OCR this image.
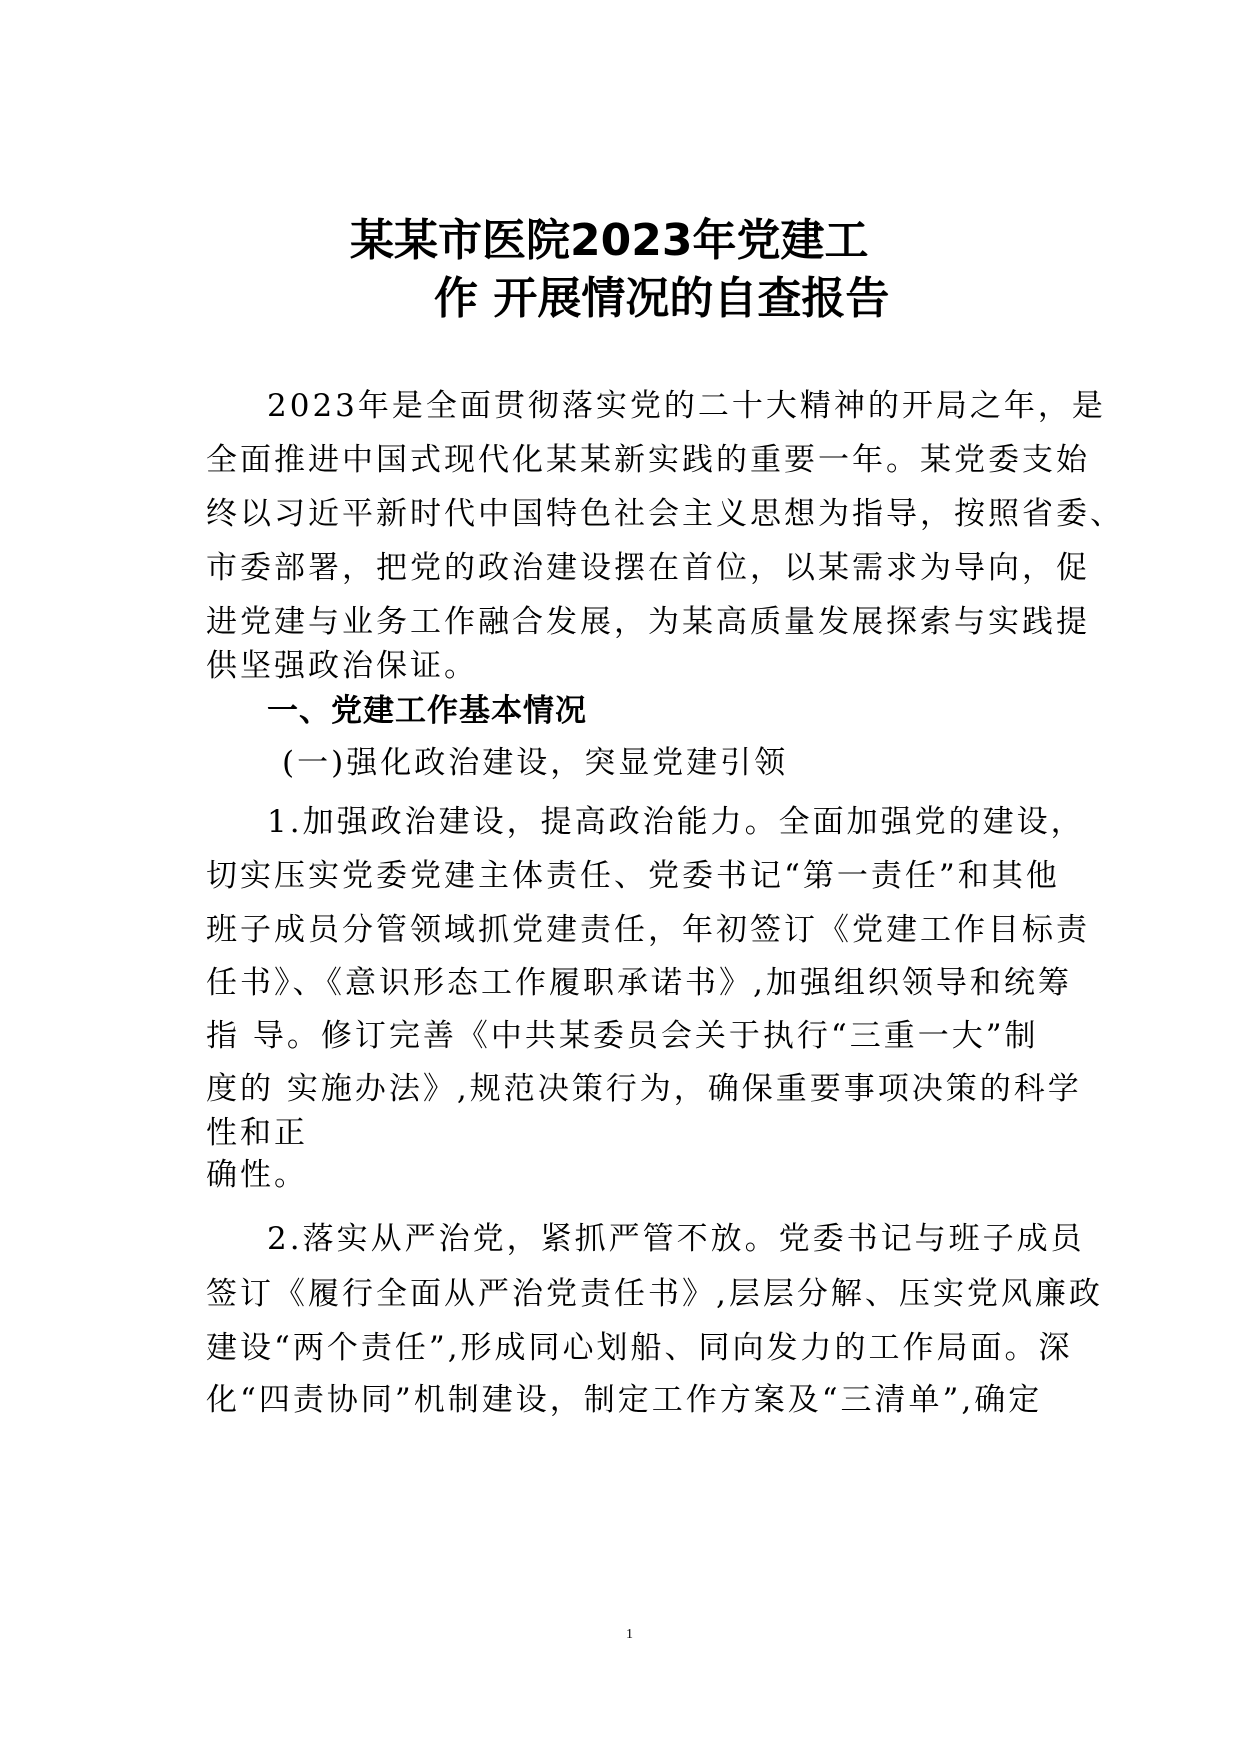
某某市医院2023年党建工
作 开展情况的自查报告
2023年是全面贯彻落实党的二十大精神的开局之年，是
全面推进中国式现代化某某新实践的重要一年。某党委支始
终以习近平新时代中国特色社会主义思想为指导，按照省委、
市委部署，把党的政治建设摆在首位，以某需求为导向，促
进党建与业务工作融合发展，为某高质量发展探索与实践提
供坚强政治保证。
一、党建工作基本情况
(一)强化政治建设，突显党建引领
1.加强政治建设，提高政治能力。全面加强党的建设，
切实压实党委党建主体责任、党委书记“第一责任”和其他
班子成员分管领域抓党建责任，年初签订《党建工作目标责
任书》、《意识形态工作履职承诺书》,加强组织领导和统筹
指 导。修订完善《中共某委员会关于执行“三重一大”制
度的 实施办法》,规范决策行为，确保重要事项决策的科学
性和正
确性。
2.落实从严治党，紧抓严管不放。党委书记与班子成员
签订《履行全面从严治党责任书》,层层分解、压实党风廉政
建设“两个责任”,形成同心划船、同向发力的工作局面。深
化“四责协同”机制建设，制定工作方案及“三清单”,确定
1
